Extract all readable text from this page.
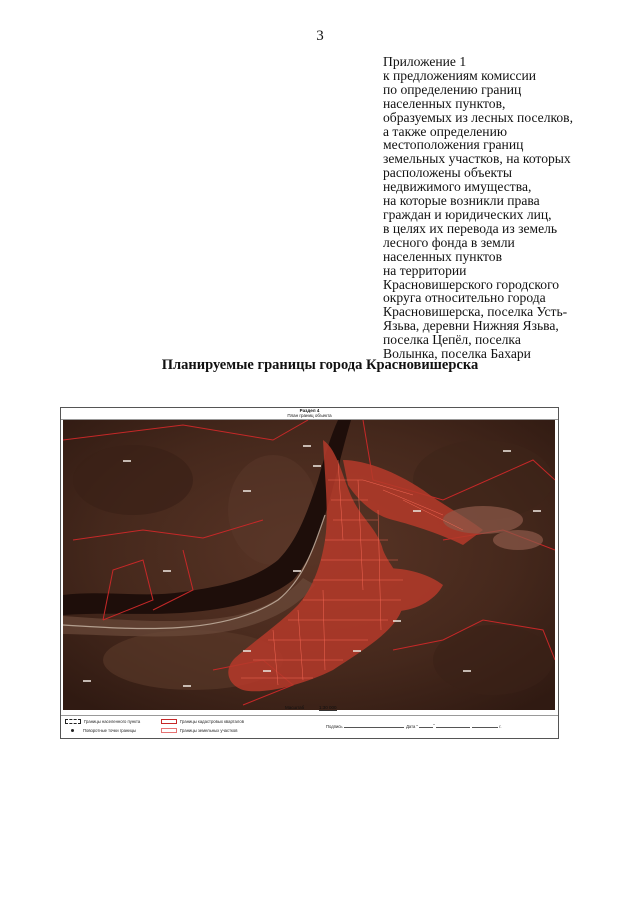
3
Приложение 1
к предложениям комиссии
по определению границ
населенных пунктов,
образуемых из лесных поселков,
а также определению
местоположения границ
земельных участков, на которых
расположены объекты
недвижимого имущества,
на которые возникли права
граждан и юридических лиц,
в целях их перевода из земель
лесного фонда в земли
населенных пунктов
на территории
Красновишерского городского
округа относительно города
Красновишерска, поселка Усть-
Язьва, деревни Нижняя Язьва,
поселка Цепёл, поселка
Волынка, поселка Бахари
Планируемые границы города Красновишерска
Раздел 4
План границ объекта
Масштаб	1:30 000
Границы населенного пункта
Поворотные точки границы
Границы кадастровых кварталов
Границы земельных участков
Подпись	Дата "	"	г.
